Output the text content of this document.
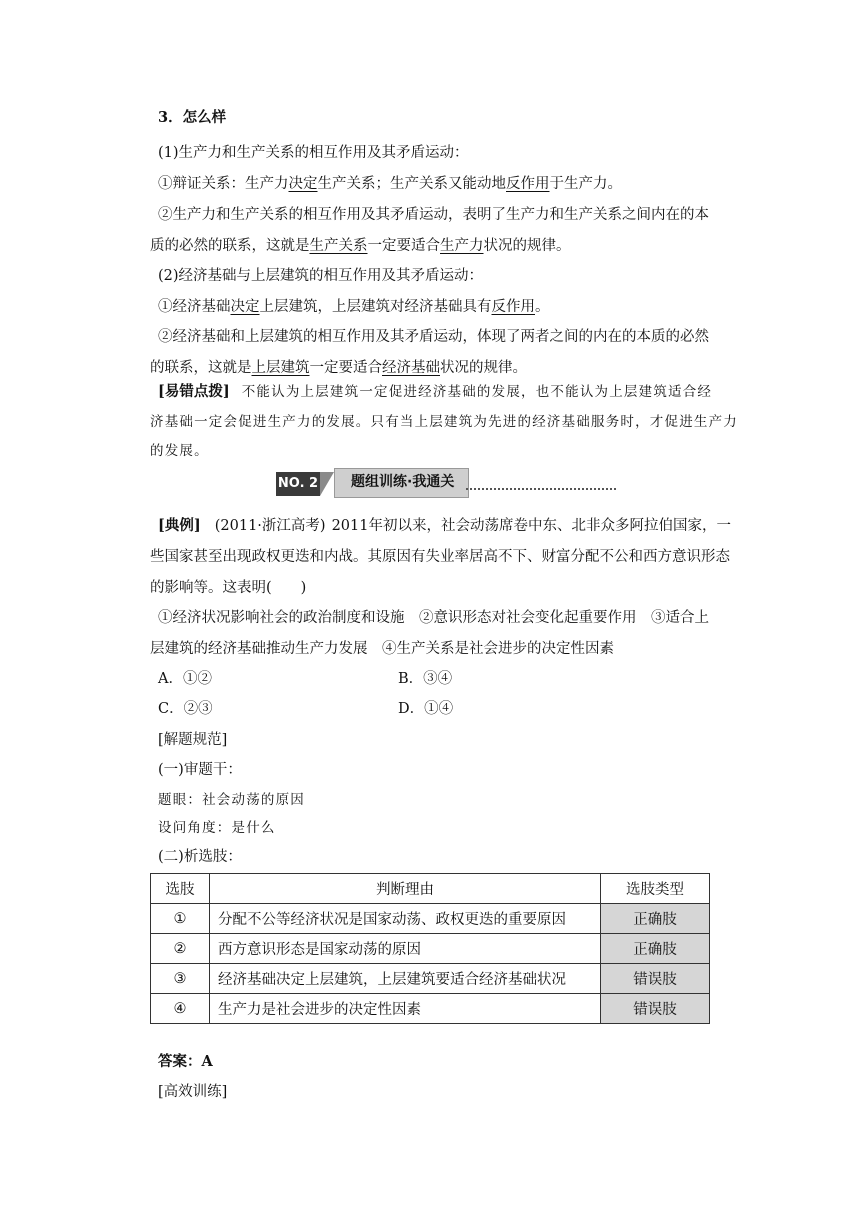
3．怎么样
(1)生产力和生产关系的相互作用及其矛盾运动：
①辩证关系：生产力决定生产关系；生产关系又能动地反作用于生产力。
②生产力和生产关系的相互作用及其矛盾运动，表明了生产力和生产关系之间内在的本
质的必然的联系，这就是生产关系一定要适合生产力状况的规律。
(2)经济基础与上层建筑的相互作用及其矛盾运动：
①经济基础决定上层建筑，上层建筑对经济基础具有反作用。
②经济基础和上层建筑的相互作用及其矛盾运动，体现了两者之间的内在的本质的必然
的联系，这就是上层建筑一定要适合经济基础状况的规律。
[易错点拨] 不能认为上层建筑一定促进经济基础的发展，也不能认为上层建筑适合经
济基础一定会促进生产力的发展。只有当上层建筑为先进的经济基础服务时，才促进生产力
的发展。
NO. 2	题组训练·我通关
[典例] (2011·浙江高考) 2011年初以来，社会动荡席卷中东、北非众多阿拉伯国家，一
些国家甚至出现政权更迭和内战。其原因有失业率居高不下、财富分配不公和西方意识形态
的影响等。这表明(　　)
①经济状况影响社会的政治制度和设施　②意识形态对社会变化起重要作用　③适合上
层建筑的经济基础推动生产力发展　④生产关系是社会进步的决定性因素
A．①②	B．③④
C．②③	D．①④
[解题规范]
(一)审题干：
题眼：社会动荡的原因
设问角度：是什么
(二)析选肢：
选肢	判断理由	选肢类型
①	分配不公等经济状况是国家动荡、政权更迭的重要原因	正确肢
②	西方意识形态是国家动荡的原因	正确肢
③	经济基础决定上层建筑，上层建筑要适合经济基础状况	错误肢
④	生产力是社会进步的决定性因素	错误肢
答案：A
[高效训练]
